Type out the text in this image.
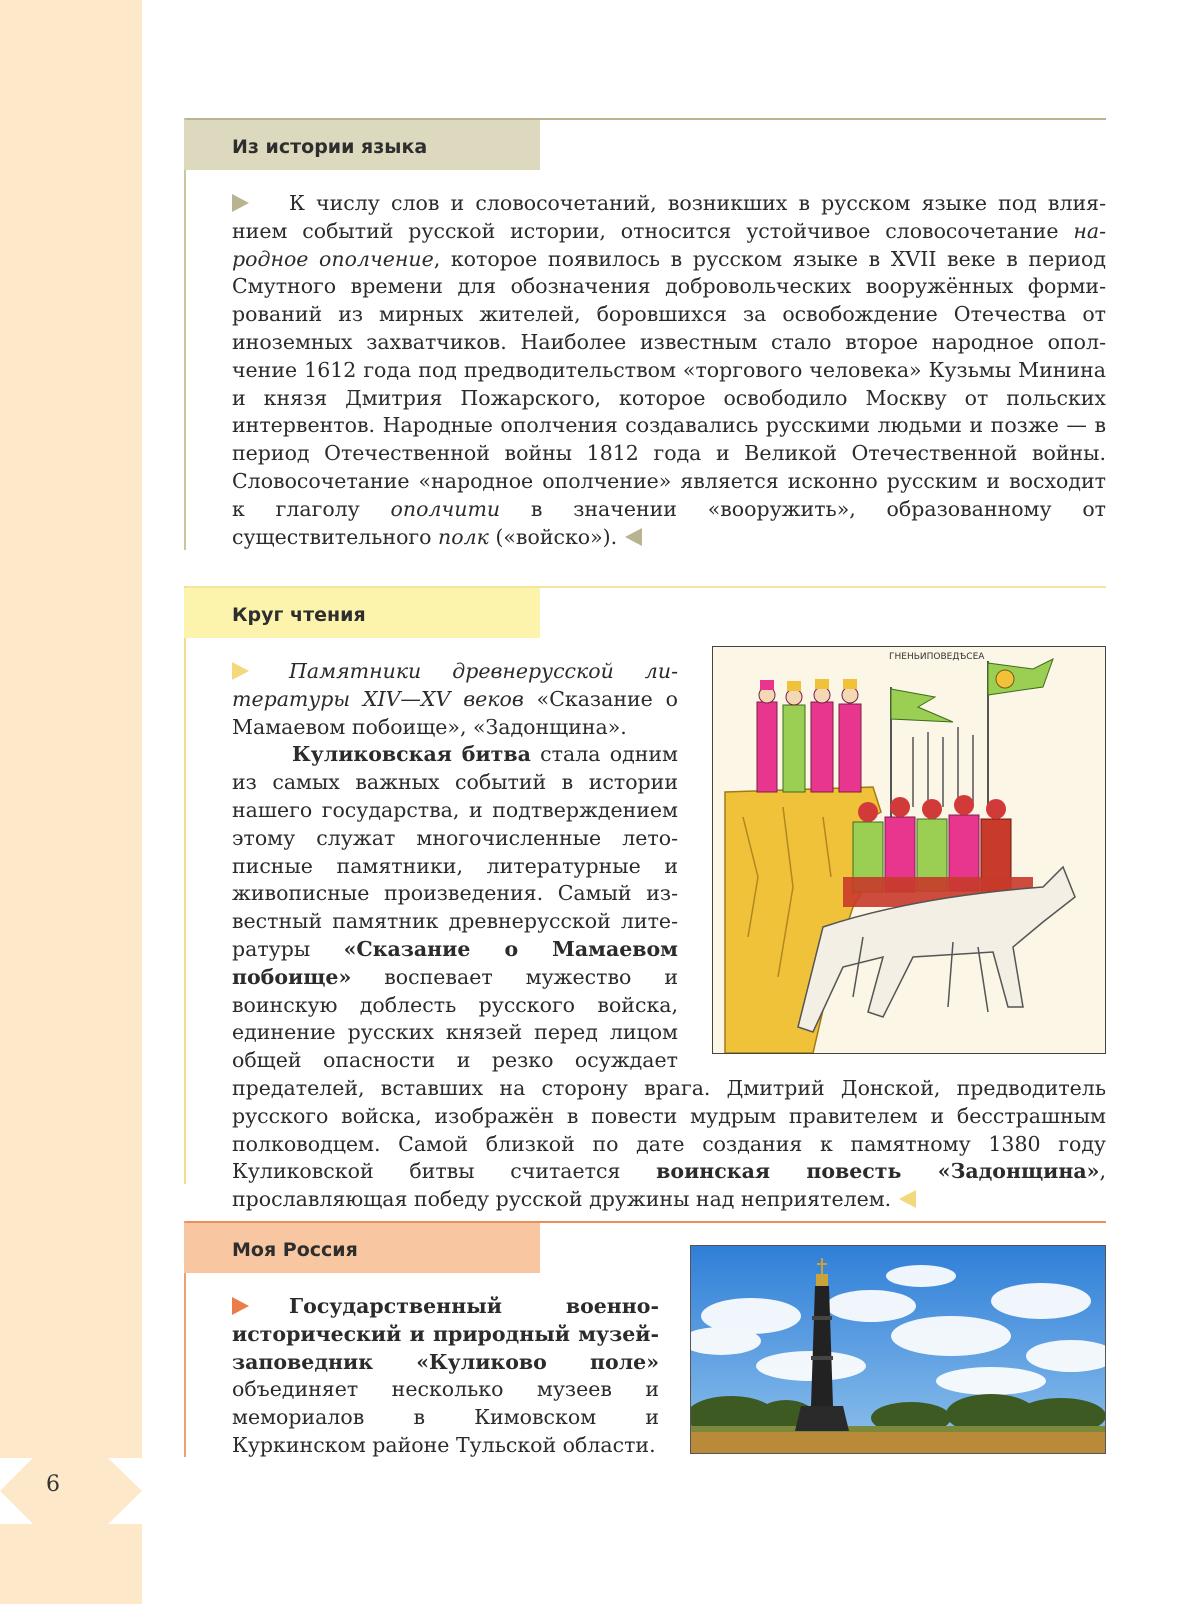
6
Из истории языка
К числу слов и словосочетаний, возникших в русском языке под влиянием событий русской истории, относится устойчивое словосочетание народное ополчение, которое появилось в русском языке в XVII веке в период Смутного времени для обозначения добровольческих вооружённых формирований из мирных жителей, боровшихся за освобождение Отечества от иноземных захватчиков. Наиболее известным стало второе народное ополчение 1612 года под предводительством «торгового человека» Кузьмы Минина и князя Дмитрия Пожарского, которое освободило Москву от польских интервентов. Народные ополчения создавались русскими людьми и позже — в период Отечественной войны 1812 года и Великой Отечественной войны. Словосочетание «народное ополчение» является исконно русским и восходит к глаголу ополчити в значении «вооружить», образованному от существительного полк («войско»).
Круг чтения
ГНЕНЬИПОВЕДѢСЕА
Памятники древнерусской литературы XIV—XV веков «Сказание о Мамаевом побоище», «Задонщина».
Куликовская битва стала одним из самых важных событий в истории нашего государства, и подтверждением этому служат многочисленные летописные памятники, литературные и живописные произведения. Самый известный памятник древнерусской литературы «Сказание о Мамаевом побоище» воспевает мужество и воинскую доблесть русского войска, единение русских князей перед лицом общей опасности и резко осуждает предателей, вставших на сторону врага. Дмитрий Донской, предводитель русского войска, изображён в повести мудрым правителем и бесстрашным полководцем. Самой близкой по дате создания к памятному 1380 году Куликовской битвы считается воинская повесть «Задонщина», прославляющая победу русской дружины над неприятелем.
Моя Россия
Государственный военно-исторический и природный музей-заповедник «Куликово поле» объединяет несколько музеев и мемориалов в Кимовском и Куркинском районе Тульской области.
